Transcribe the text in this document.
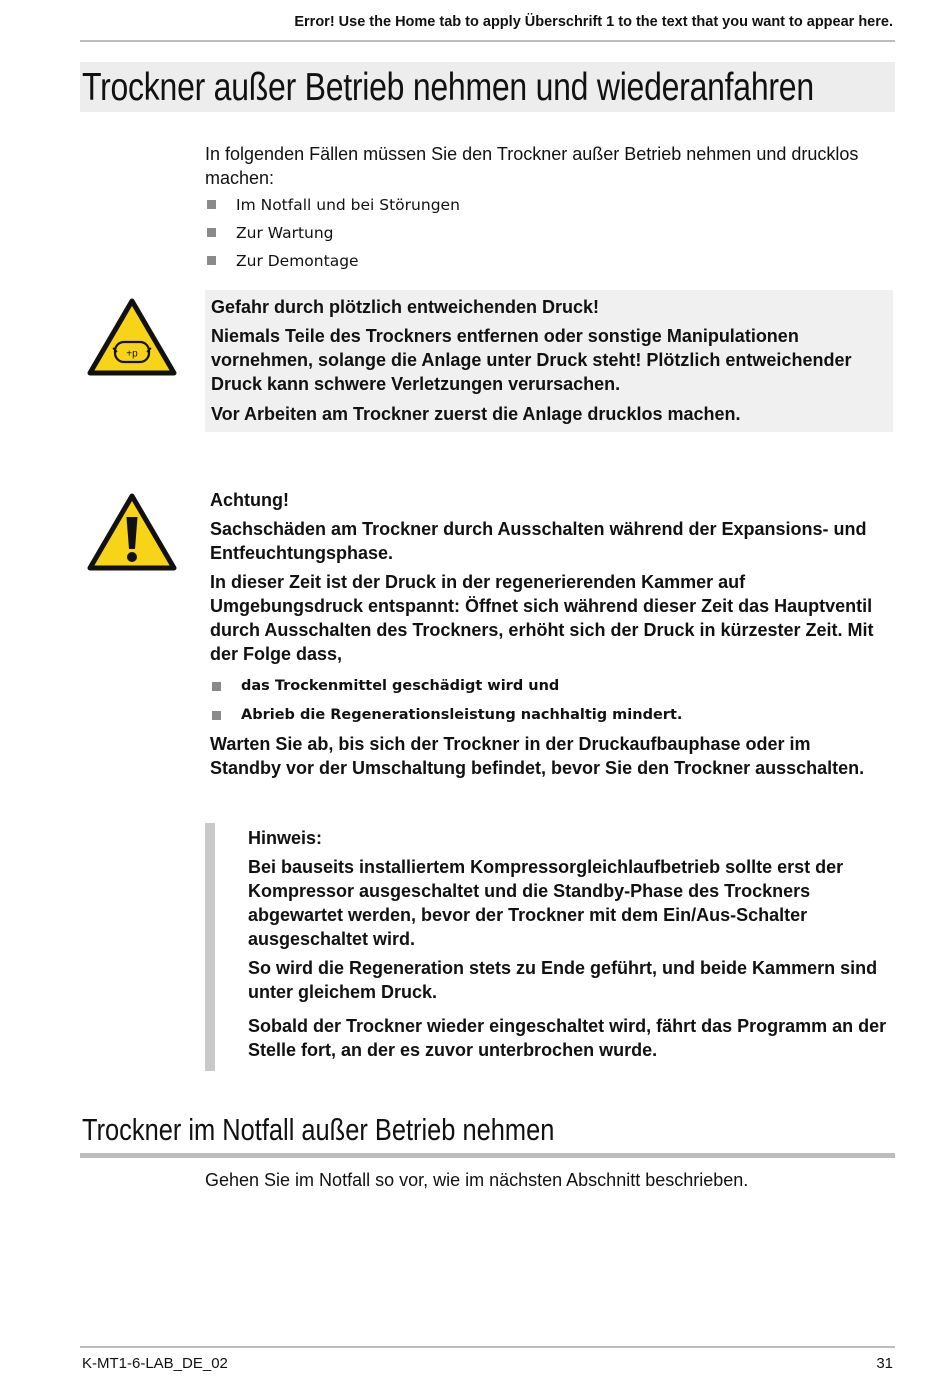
Error! Use the Home tab to apply Überschrift 1 to the text that you want to appear here.
Trockner außer Betrieb nehmen und wiederanfahren
In folgenden Fällen müssen Sie den Trockner außer Betrieb nehmen und drucklos machen:
Im Notfall und bei Störungen
Zur Wartung
Zur Demontage
+p
Gefahr durch plötzlich entweichenden Druck!
Niemals Teile des Trockners entfernen oder sonstige Manipulationen vornehmen, solange die Anlage unter Druck steht! Plötzlich entweichender Druck kann schwere Verletzungen verursachen.
Vor Arbeiten am Trockner zuerst die Anlage drucklos machen.

Achtung!

Sachschäden am Trockner durch Ausschalten während der Expansions- und Entfeuchtungsphase.

In dieser Zeit ist der Druck in der regenerierenden Kammer auf Umgebungsdruck entspannt: Öffnet sich während dieser Zeit das Hauptventil durch Ausschalten des Trockners, erhöht sich der Druck in kürzester Zeit. Mit der Folge dass,

das Trockenmittel geschädigt wird und
Abrieb die Regenerationsleistung nachhaltig mindert.
Warten Sie ab, bis sich der Trockner in der Druckaufbauphase oder im Standby vor der Umschaltung befindet, bevor Sie den Trockner ausschalten.

Hinweis:

Bei bauseits installiertem Kompressorgleichlaufbetrieb sollte erst der Kompressor ausgeschaltet und die Standby-Phase des Trockners abgewartet werden, bevor der Trockner mit dem Ein/Aus-Schalter ausgeschaltet wird.

So wird die Regeneration stets zu Ende geführt, und beide Kammern sind unter gleichem Druck.

Sobald der Trockner wieder eingeschaltet wird, fährt das Programm an der Stelle fort, an der es zuvor unterbrochen wurde.

Trockner im Notfall außer Betrieb nehmen
Gehen Sie im Notfall so vor, wie im nächsten Abschnitt beschrieben.
K-MT1-6-LAB_DE_02	31
